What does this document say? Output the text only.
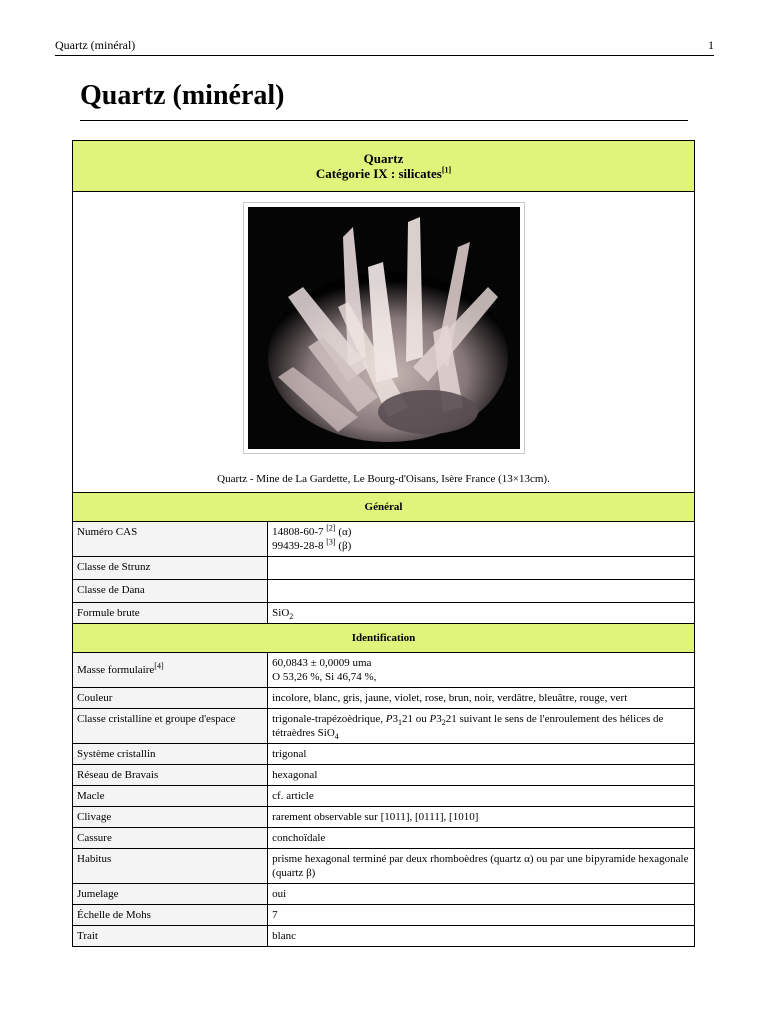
Quartz (minéral)	1
Quartz (minéral)
Quartz
Catégorie IX : silicates[1]

Quartz - Mine de La Gardette, Le Bourg-d'Oisans, Isère France (13×13cm).	

Général	
Numéro CAS	14808-60-7 [2] (α)
99439-28-8 [3] (β)

Classe de Strunz	
Classe de Dana	
Formule brute	SiO$_2$
Identification	
Masse formulaire[4]	60,0843 ± 0,0009 uma
O 53,26 %, Si 46,74 %,

Couleur	incolore, blanc, gris, jaune, violet, rose, brun, noir, verdâtre, bleuâtre, rouge, vert
Classe cristalline et groupe d'espace	trigonale-trapézoèdrique, $P3_121$ ou $P3_221$ suivant le sens de l'enroulement des hélices de tétraèdres SiO$_4$
Système cristallin	trigonal
Réseau de Bravais	hexagonal
Macle	cf. article
Clivage	rarement observable sur [1011], [0111], [1010]
Cassure	conchoïdale
Habitus	prisme hexagonal terminé par deux rhomboèdres (quartz α) ou par une bipyramide hexagonale (quartz β)
Jumelage	oui
Échelle de Mohs	7
Trait	blanc
